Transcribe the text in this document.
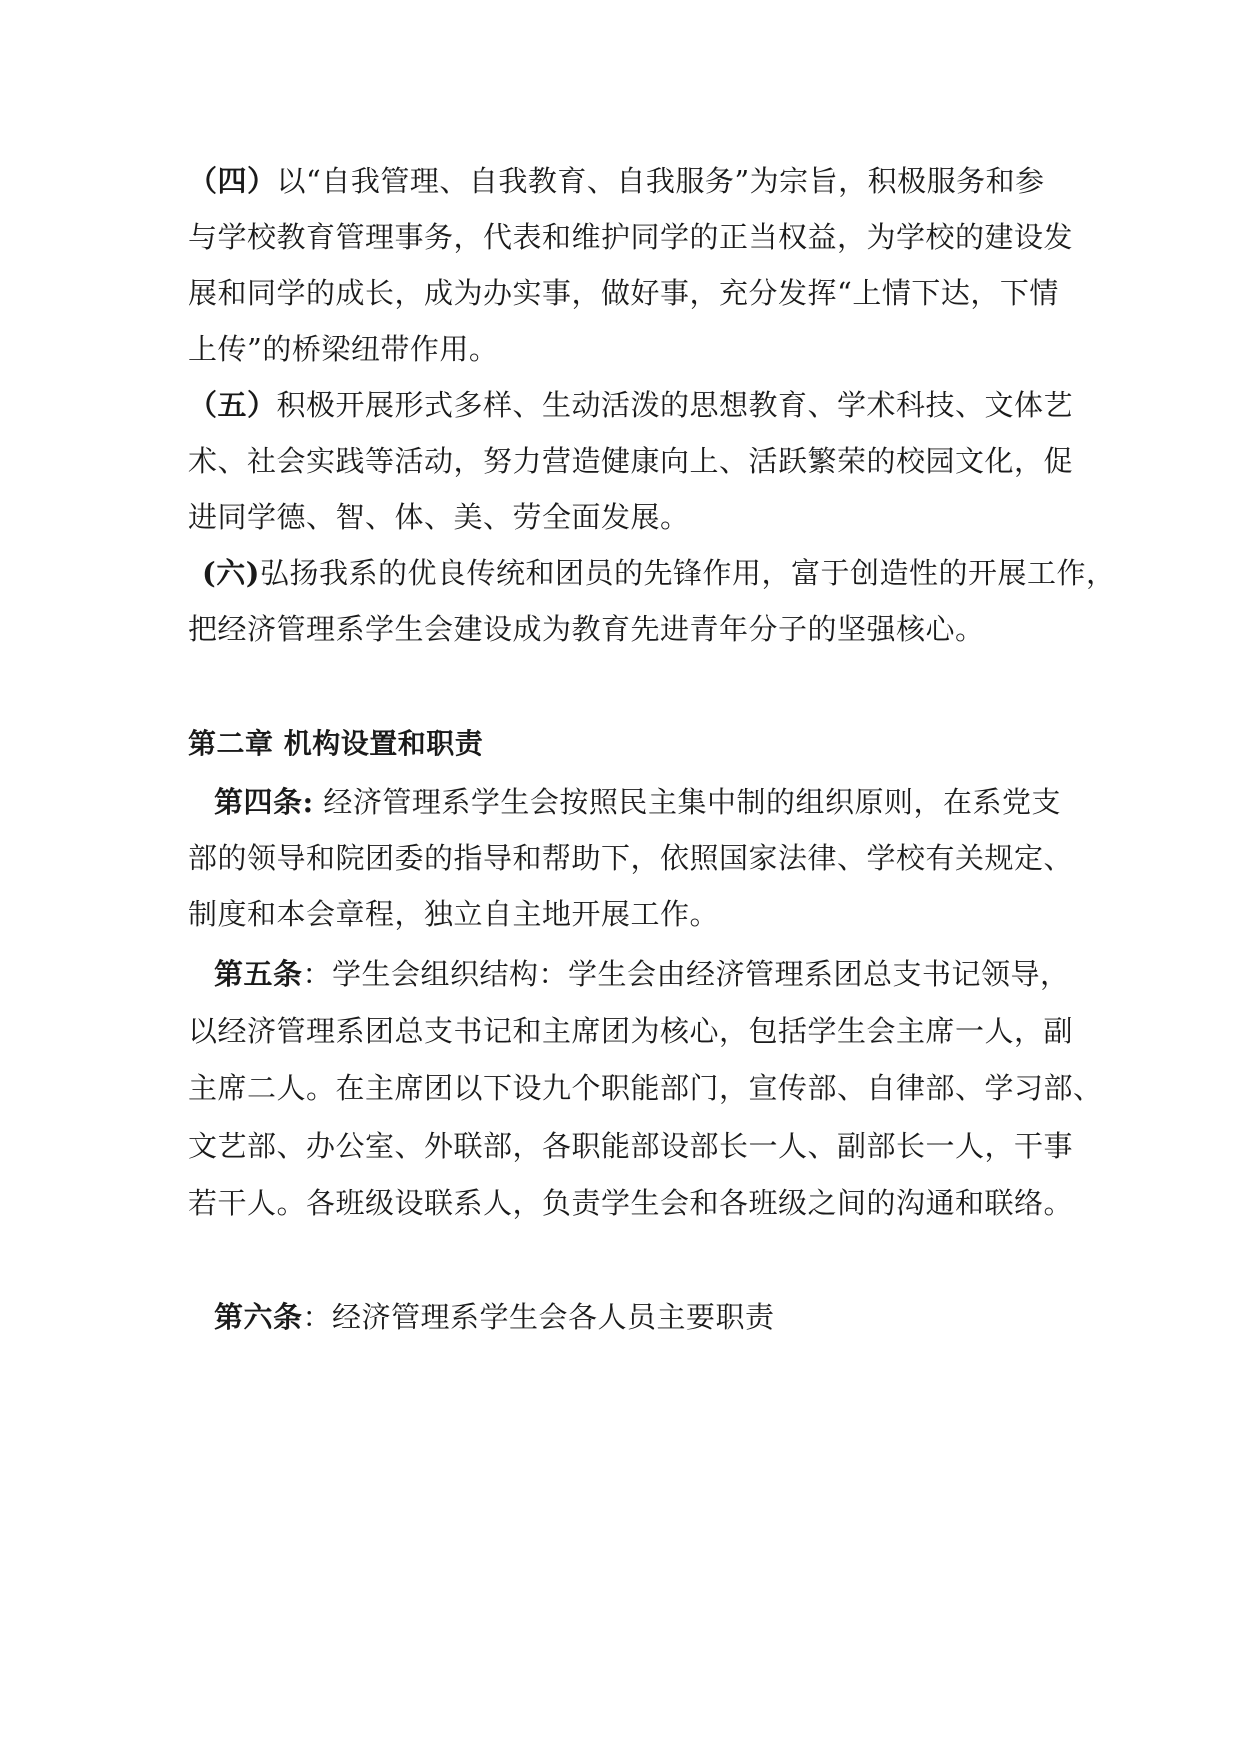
（四）以“自我管理、自我教育、自我服务”为宗旨，积极服务和参
与学校教育管理事务，代表和维护同学的正当权益，为学校的建设发
展和同学的成长，成为办实事，做好事，充分发挥“上情下达，下情
上传”的桥梁纽带作用。
（五）积极开展形式多样、生动活泼的思想教育、学术科技、文体艺
术、社会实践等活动，努力营造健康向上、活跃繁荣的校园文化，促
进同学德、智、体、美、劳全面发展。
(六)弘扬我系的优良传统和团员的先锋作用，富于创造性的开展工作，
把经济管理系学生会建设成为教育先进青年分子的坚强核心。
第二章 机构设置和职责
第四条: 经济管理系学生会按照民主集中制的组织原则，在系党支
部的领导和院团委的指导和帮助下，依照国家法律、学校有关规定、
制度和本会章程，独立自主地开展工作。
第五条：学生会组织结构：学生会由经济管理系团总支书记领导，
以经济管理系团总支书记和主席团为核心，包括学生会主席一人，副
主席二人。在主席团以下设九个职能部门，宣传部、自律部、学习部、
文艺部、办公室、外联部，各职能部设部长一人、副部长一人，干事
若干人。各班级设联系人，负责学生会和各班级之间的沟通和联络。
第六条：经济管理系学生会各人员主要职责
